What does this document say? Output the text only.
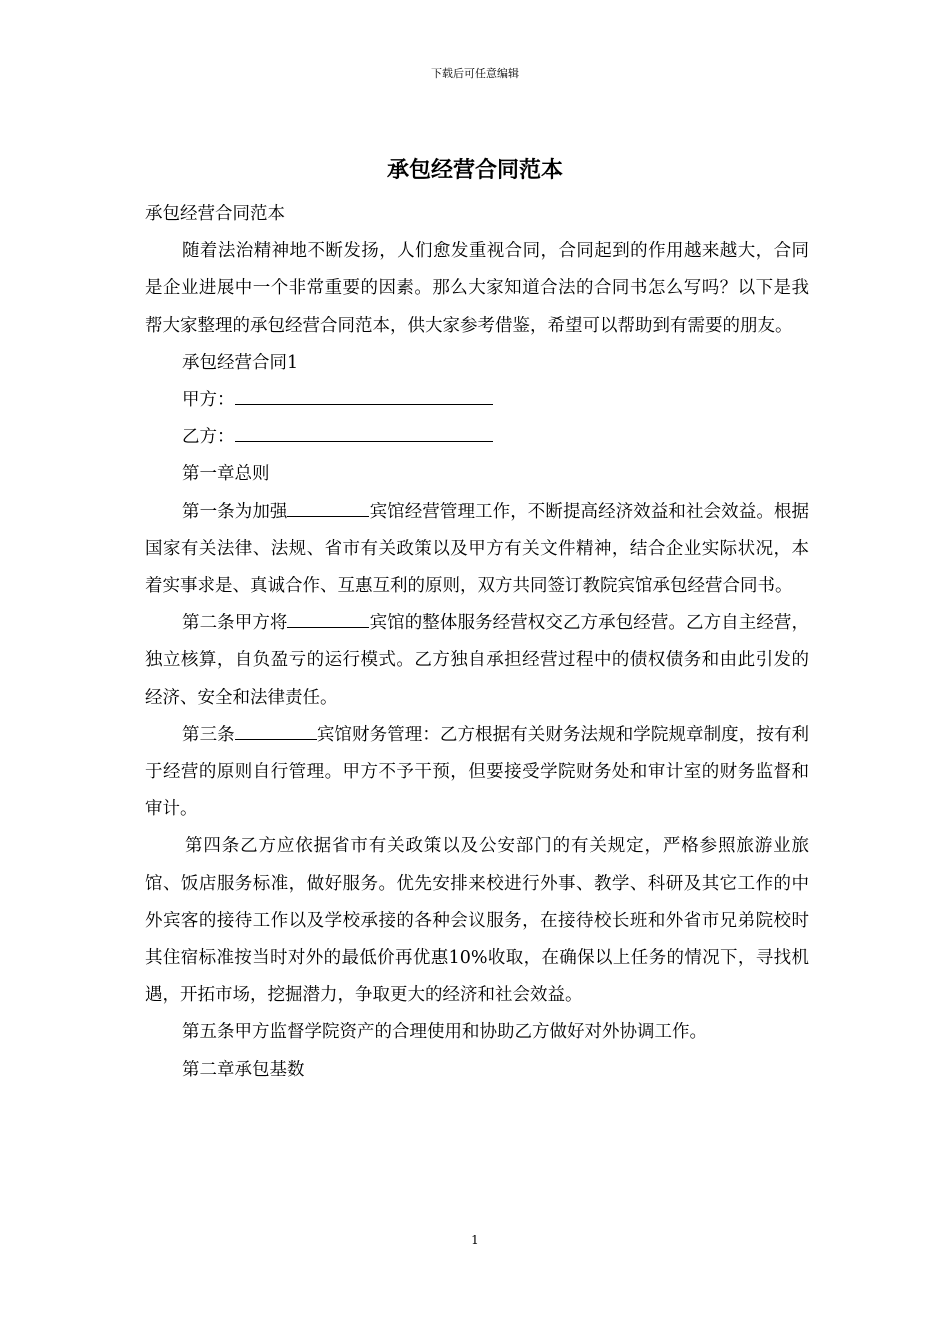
下载后可任意编辑
承包经营合同范本

承包经营合同范本

随着法治精神地不断发扬，人们愈发重视合同，合同起到的作用越来越大，合同是企业进展中一个非常重要的因素。那么大家知道合法的合同书怎么写吗？以下是我帮大家整理的承包经营合同范本，供大家参考借鉴，希望可以帮助到有需要的朋友。

承包经营合同1

甲方：

乙方：

第一章总则

第一条为加强	宾馆经营管理工作，不断提高经济效益和社会效益。根据国家有关法律、法规、省市有关政策以及甲方有关文件精神，结合企业实际状况，本着实事求是、真诚合作、互惠互利的原则，双方共同签订教院宾馆承包经营合同书。

第二条甲方将	宾馆的整体服务经营权交乙方承包经营。乙方自主经营，独立核算，自负盈亏的运行模式。乙方独自承担经营过程中的债权债务和由此引发的经济、安全和法律责任。

第三条	宾馆财务管理：乙方根据有关财务法规和学院规章制度，按有利于经营的原则自行管理。甲方不予干预，但要接受学院财务处和审计室的财务监督和审计。

第四条乙方应依据省市有关政策以及公安部门的有关规定，严格参照旅游业旅馆、饭店服务标准，做好服务。优先安排来校进行外事、教学、科研及其它工作的中外宾客的接待工作以及学校承接的各种会议服务，在接待校长班和外省市兄弟院校时其住宿标准按当时对外的最低价再优惠10%收取，在确保以上任务的情况下，寻找机遇，开拓市场，挖掘潜力，争取更大的经济和社会效益。

第五条甲方监督学院资产的合理使用和协助乙方做好对外协调工作。

第二章承包基数

1
